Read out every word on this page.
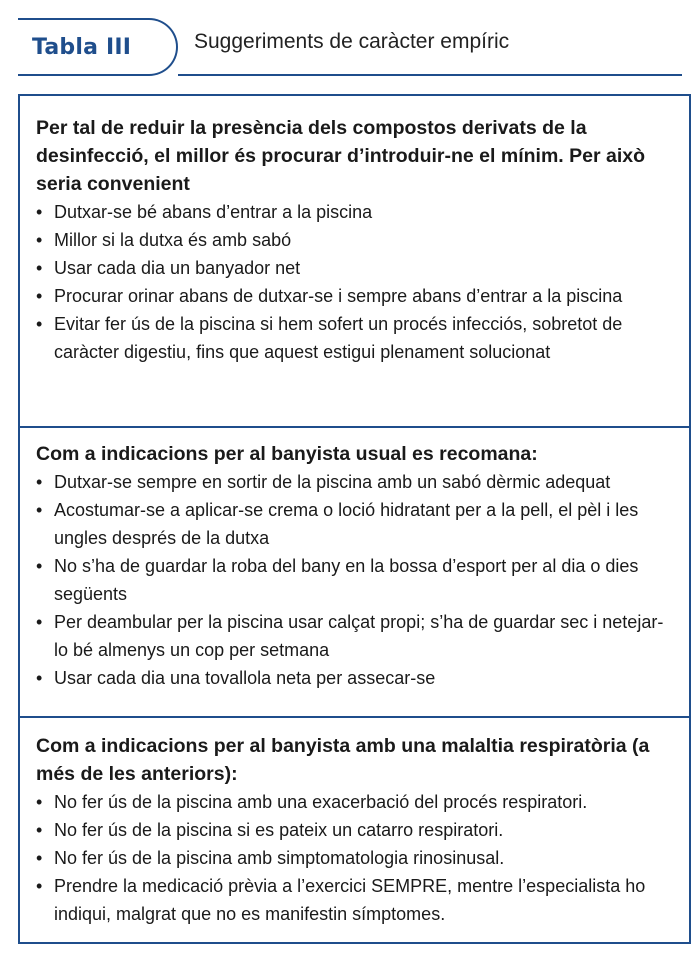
Tabla III	Suggeriments de caràcter empíric
Per tal de reduir la presència dels compostos derivats de la desinfecció, el millor és procurar d’introduir-ne el mínim. Per això seria convenient
• Dutxar-se bé abans d’entrar a la piscina
• Millor si la dutxa és amb sabó
• Usar cada dia un banyador net
• Procurar orinar abans de dutxar-se i sempre abans d’entrar a la piscina
• Evitar fer ús de la piscina si hem sofert un procés infecciós, sobretot de caràcter digestiu, fins que aquest estigui plenament solucionat
Com a indicacions per al banyista usual es recomana:
• Dutxar-se sempre en sortir de la piscina amb un sabó dèrmic adequat
• Acostumar-se a aplicar-se crema o loció hidratant per a la pell, el pèl i les ungles després de la dutxa
• No s’ha de guardar la roba del bany en la bossa d’esport per al dia o dies següents
• Per deambular per la piscina usar calçat propi; s’ha de guardar sec i netejar-lo bé almenys un cop per setmana
• Usar cada dia una tovallola neta per assecar-se
Com a indicacions per al banyista amb una malaltia respiratòria (a més de les anteriors):
• No fer ús de la piscina amb una exacerbació del procés respiratori.
• No fer ús de la piscina si es pateix un catarro respiratori.
• No fer ús de la piscina amb simptomatologia rinosinusal.
• Prendre la medicació prèvia a l’exercici SEMPRE, mentre l’especialista ho indiqui, malgrat que no es manifestin símptomes.
